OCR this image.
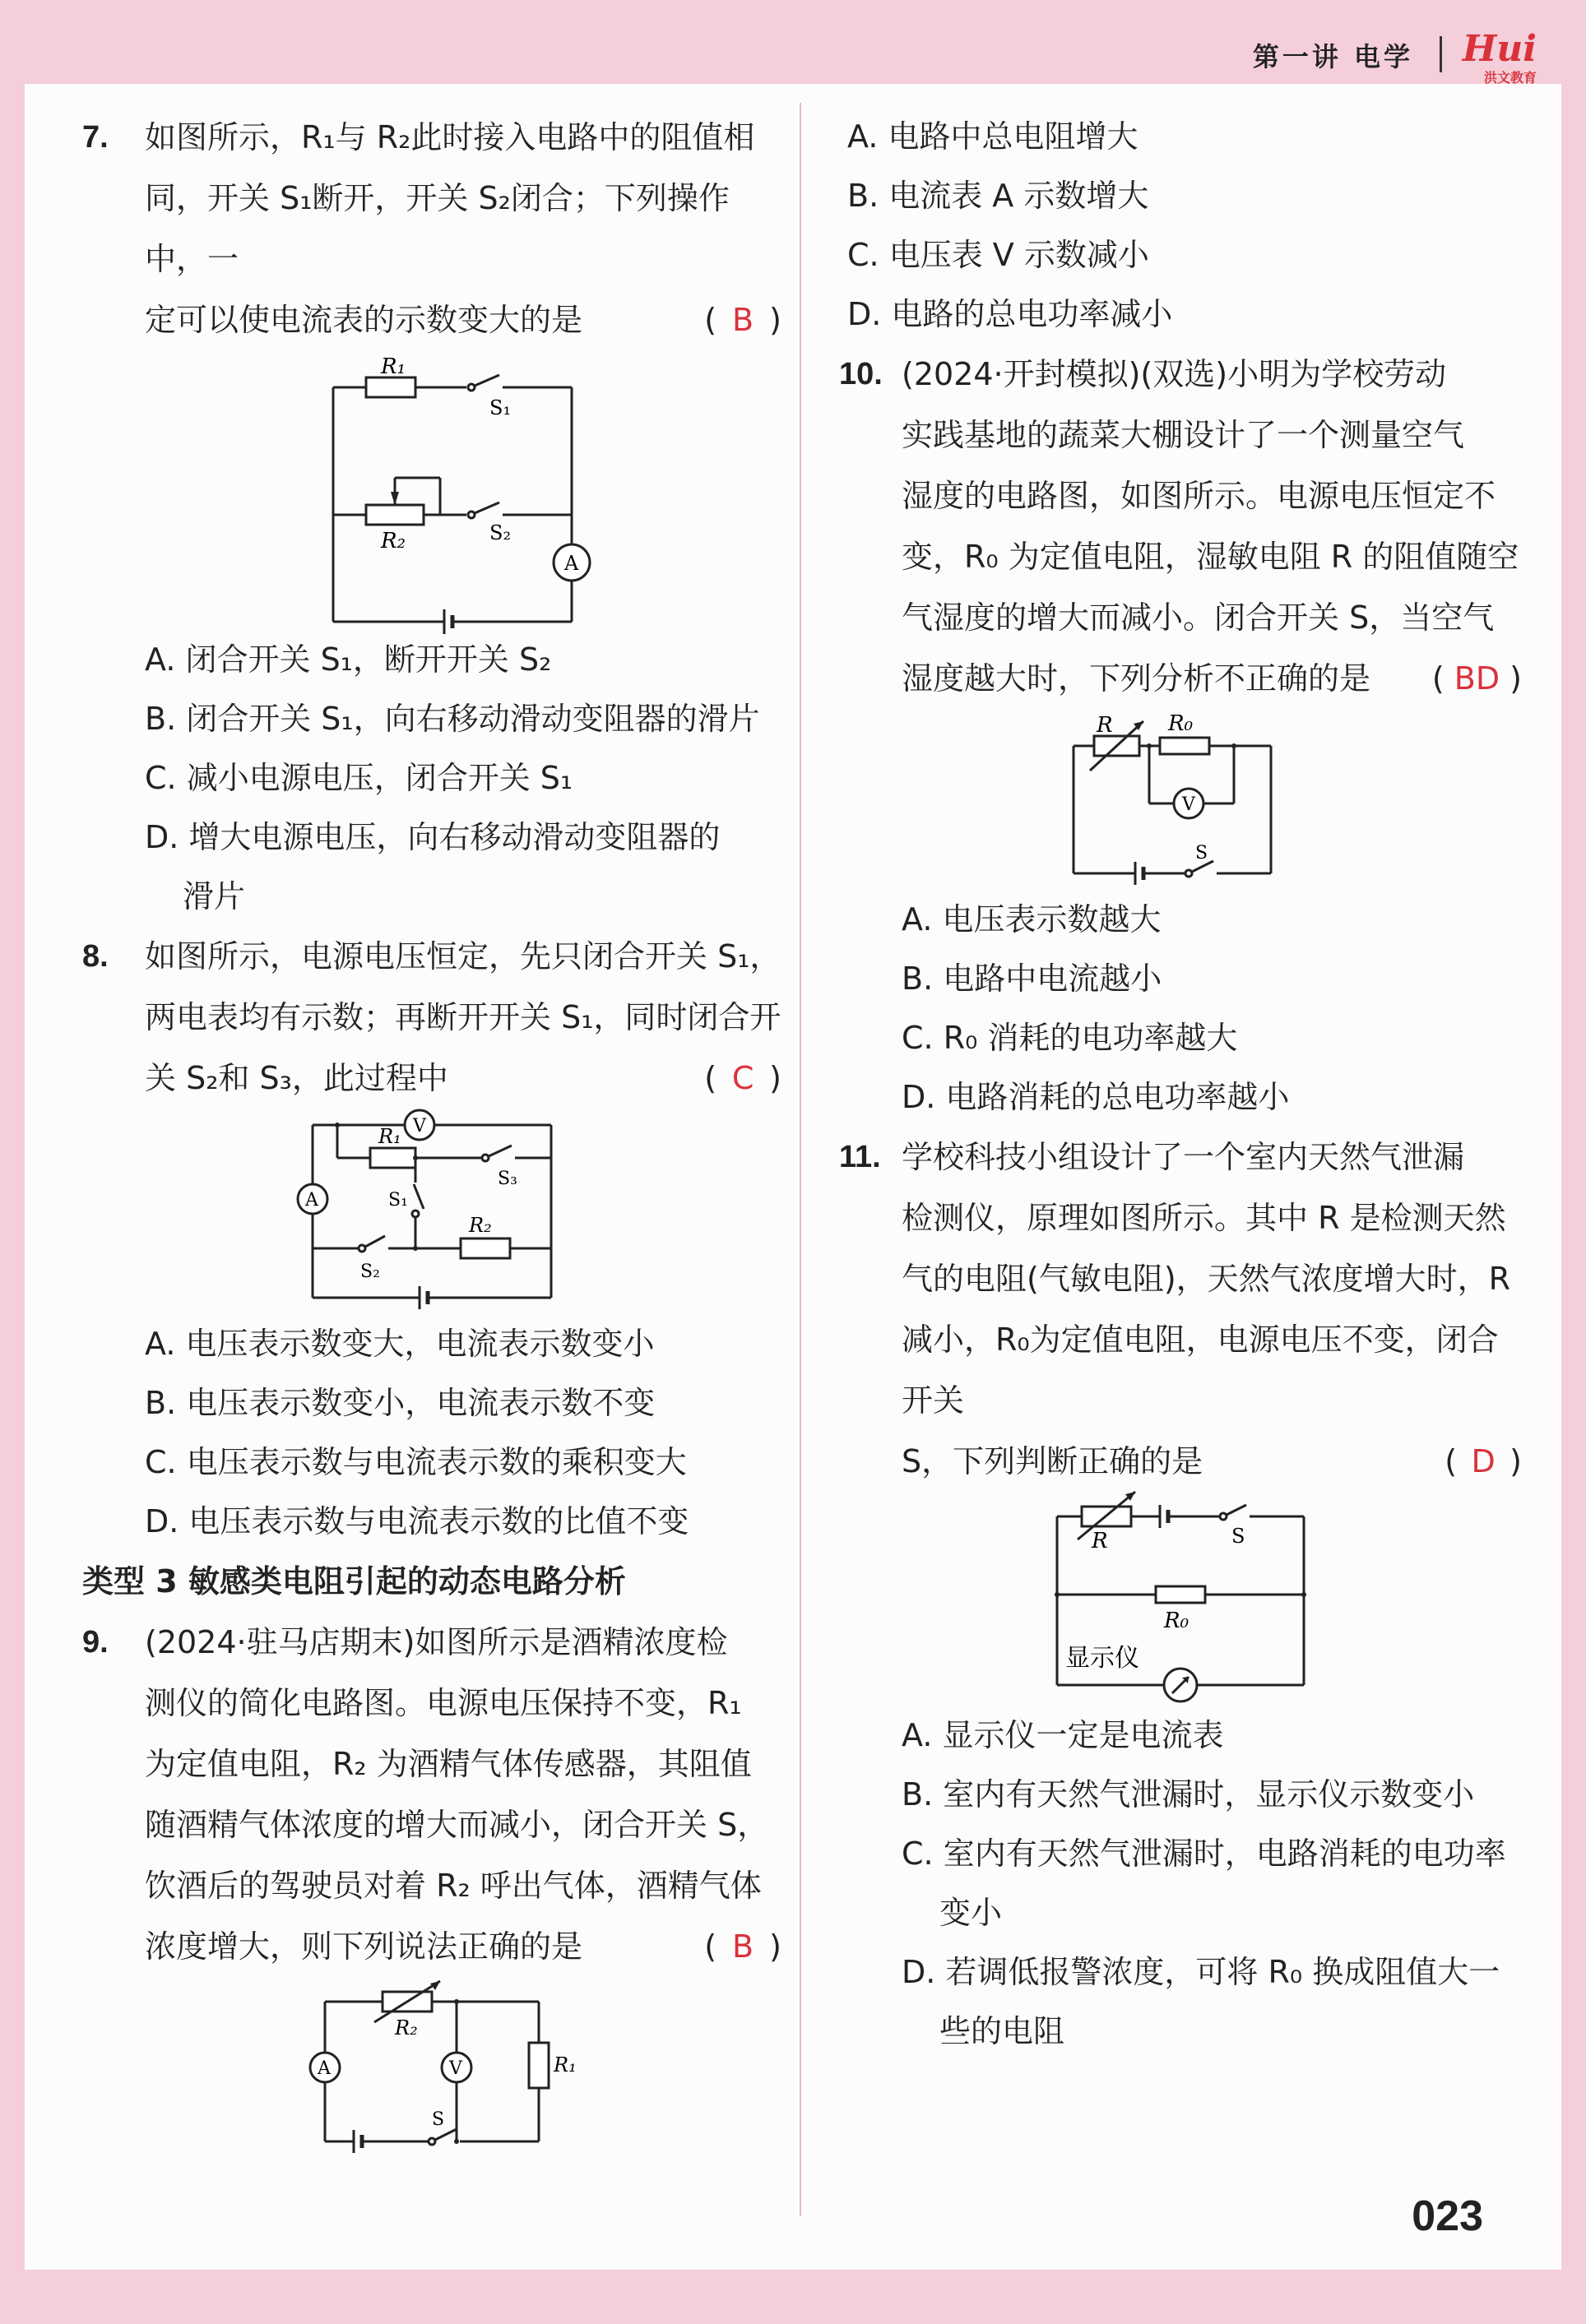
第一讲 电学 Hui
洪文教育
7. 如图所示，R₁与 R₂此时接入电路中的阻值相
同，开关 S₁断开，开关 S₂闭合；下列操作中，一
定可以使电流表的示数变大的是	( B )
R₁
S₁
R₂	S₂
A
A. 闭合开关 S₁，断开开关 S₂
B. 闭合开关 S₁，向右移动滑动变阻器的滑片
C. 减小电源电压，闭合开关 S₁
D. 增大电源电压，向右移动滑动变阻器的
滑片
8. 如图所示，电源电压恒定，先只闭合开关 S₁，
两电表均有示数；再断开开关 S₁，同时闭合开
关 S₂和 S₃，此过程中	( C )
V
A
R₁
S₃
S₁
R₂
S₂
A. 电压表示数变大，电流表示数变小
B. 电压表示数变小，电流表示数不变
C. 电压表示数与电流表示数的乘积变大
D. 电压表示数与电流表示数的比值不变
类型 3 敏感类电阻引起的动态电路分析
9. (2024·驻马店期末)如图所示是酒精浓度检
测仪的简化电路图。电源电压保持不变，R₁
为定值电阻，R₂ 为酒精气体传感器，其阻值
随酒精气体浓度的增大而减小，闭合开关 S，
饮酒后的驾驶员对着 R₂ 呼出气体，酒精气体
浓度增大，则下列说法正确的是	( B )
R₂
R₁
A	V
S
A. 电路中总电阻增大
B. 电流表 A 示数增大
C. 电压表 V 示数减小
D. 电路的总电功率减小
10. (2024·开封模拟)(双选)小明为学校劳动
实践基地的蔬菜大棚设计了一个测量空气
湿度的电路图，如图所示。电源电压恒定不
变，R₀ 为定值电阻，湿敏电阻 R 的阻值随空
气湿度的增大而减小。闭合开关 S，当空气
湿度越大时，下列分析不正确的是 ( BD )
R	R₀
V
S
A. 电压表示数越大
B. 电路中电流越小
C. R₀ 消耗的电功率越大
D. 电路消耗的总电功率越小
11. 学校科技小组设计了一个室内天然气泄漏
检测仪，原理如图所示。其中 R 是检测天然
气的电阻(气敏电阻)，天然气浓度增大时，R
减小，R₀为定值电阻，电源电压不变，闭合开关
S，下列判断正确的是	( D )
R	S
R₀
显示仪
A. 显示仪一定是电流表
B. 室内有天然气泄漏时，显示仪示数变小
C. 室内有天然气泄漏时，电路消耗的电功率
变小
D. 若调低报警浓度，可将 R₀ 换成阻值大一
些的电阻
023
